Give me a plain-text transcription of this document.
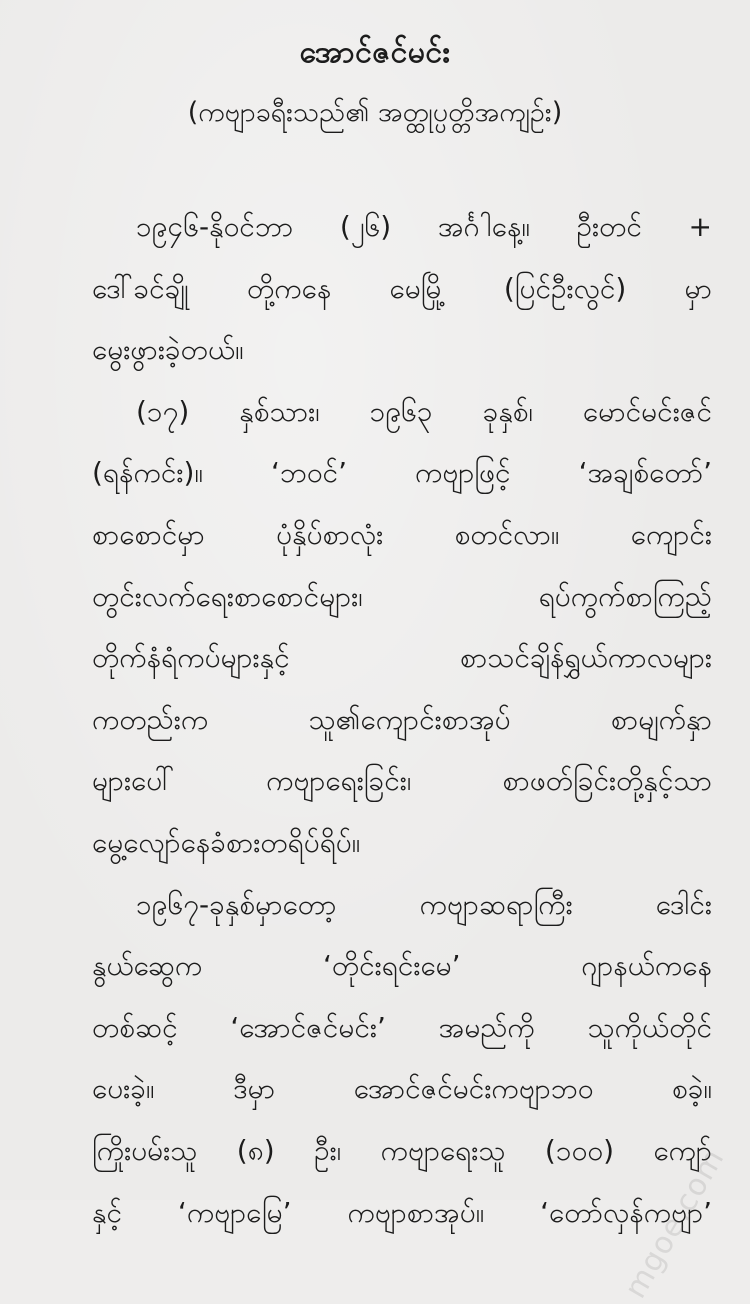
အောင်ဇင်မင်း
(ကဗျာခရီးသည်၏ အတ္ထုပ္ပတ္တိအကျဉ်း)
၁၉၄၆-နိုဝင်ဘာ (၂၆) အင်္ဂါနေ့။ ဦးတင် +
ဒေါ်ခင်ချို တို့ကနေ မေမြို့ (ပြင်ဦးလွင်) မှာ
မွေးဖွားခဲ့တယ်။
(၁၇) နှစ်သား၊ ၁၉၆၃ ခုနှစ်၊ မောင်မင်းဇင်
(ရန်ကင်း)။ ‘ဘဝင်’ ကဗျာဖြင့် ‘အချစ်တော်’
စာစောင်မှာ ပုံနှိပ်စာလုံး စတင်လာ။ ကျောင်း
တွင်းလက်ရေးစာစောင်များ၊ ရပ်ကွက်စာကြည့်
တိုက်နံရံကပ်များနှင့် စာသင်ချိန်ရွှယ်ကာလများ
ကတည်းက သူ၏ကျောင်းစာအုပ် စာမျက်နှာ
များပေါ် ကဗျာရေးခြင်း၊ စာဖတ်ခြင်းတို့နှင့်သာ
မွေ့လျော်နေခံစားတရိပ်ရိပ်။
၁၉၆၇-ခုနှစ်မှာတော့ ကဗျာဆရာကြီး ဒေါင်း
နွယ်ဆွေက ‘တိုင်းရင်းမေ’ ဂျာနယ်ကနေ
တစ်ဆင့် ‘အောင်ဇင်မင်း’ အမည်ကို သူကိုယ်တိုင်
ပေးခဲ့။ ဒီမှာ အောင်ဇင်မင်းကဗျာဘဝ စခဲ့။
ကြိုးပမ်းသူ (၈) ဦး၊ ကဗျာရေးသူ (၁၀၀) ကျော်
နှင့် ‘ကဗျာမြေ’ ကဗျာစာအုပ်။ ‘တော်လှန်ကဗျာ’
mgoe.com
